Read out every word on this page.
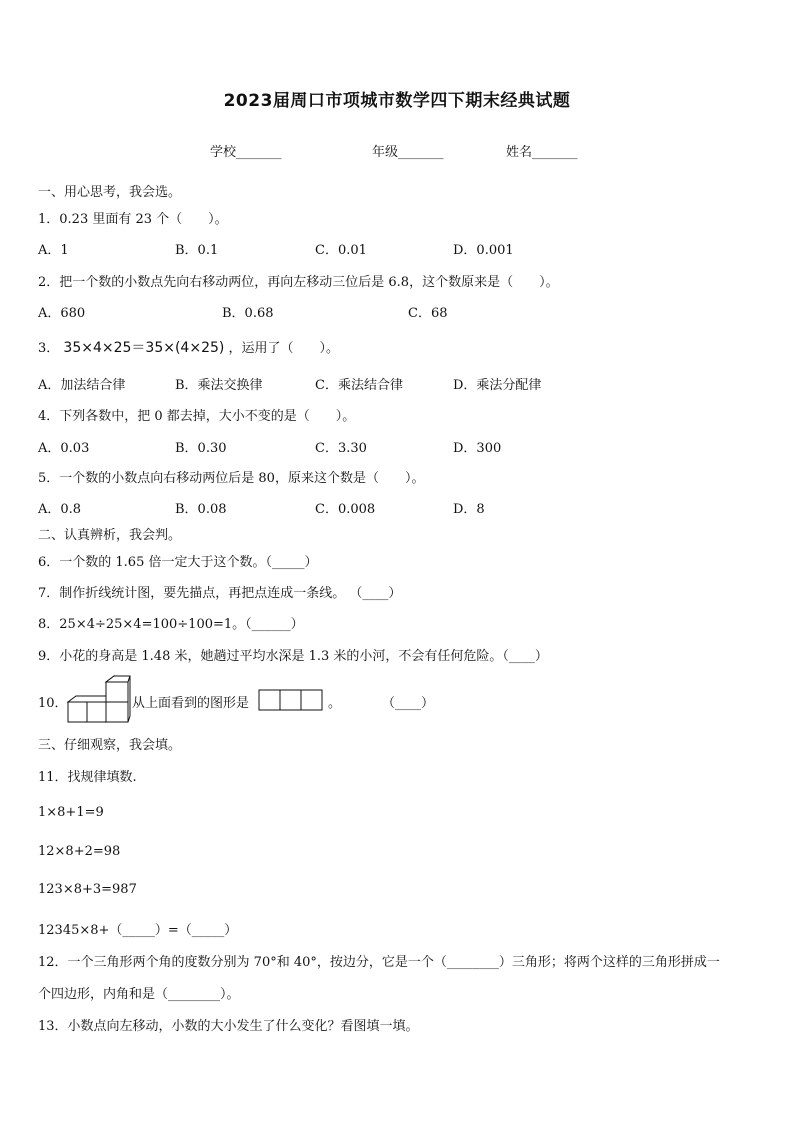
2023届周口市项城市数学四下期末经典试题
学校_______	年级_______	姓名_______
一、用心思考，我会选。
1．0.23 里面有 23 个（　　）。
A．1	B．0.1	C．0.01	D．0.001
2．把一个数的小数点先向右移动两位，再向左移动三位后是 6.8，这个数原来是（　　）。
A．680	B．0.68	C．68
3． 35×4×25＝35×(4×25) ，运用了（　　）。
A．加法结合律	B．乘法交换律	C．乘法结合律	D．乘法分配律
4．下列各数中，把 0 都去掉，大小不变的是（　　）。
A．0.03	B．0.30	C．3.30	D．300
5．一个数的小数点向右移动两位后是 80，原来这个数是（　　）。
A．0.8	B．0.08	C．0.008	D．8
二、认真辨析，我会判。
6．一个数的 1.65 倍一定大于这个数。（_____）
7．制作折线统计图，要先描点，再把点连成一条线。 （____）
8．25×4÷25×4=100÷100=1。（______）
9．小花的身高是 1.48 米，她趟过平均水深是 1.3 米的小河，不会有任何危险。（____）
10．	从上面看到的图形是	。	（____）
三、仔细观察，我会填。
11．找规律填数.
1×8+1=9
12×8+2=98
123×8+3=987
12345×8+（_____）=（_____）
12．一个三角形两个角的度数分别为 70°和 40°，按边分，它是一个（________）三角形；将两个这样的三角形拼成一
个四边形，内角和是（________）。
13．小数点向左移动，小数的大小发生了什么变化？看图填一填。
